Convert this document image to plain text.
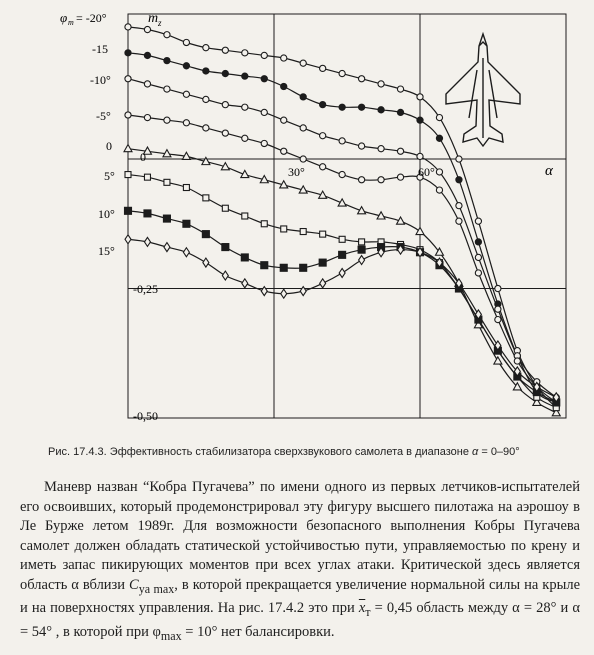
m z
φ m
α
0
30°	60°
-0,25
-0,50
= -20°
-15
-10°
-5°
0
5°
10°
15°
Рис. 17.4.3. Эффективность стабилизатора сверхзвукового самолета в диапазоне α = 0–90°

Маневр назван “Кобра Пугачева” по имени одного из первых летчиков-испытателей его освоивших, который продемонстрировал эту фигуру высшего пилотажа на аэрошоу в Ле Бурже летом 1989г. Для возможности безопасного выполнения Кобры Пугачева самолет должен обладать статической устойчивостью пути, управляемостью по крену и иметь запас пикирующих моментов при всех углах атаки. Критической здесь является область α вблизи $C_{ya max}$, в которой прекращается увеличение нормальной силы на крыле и на поверхностях управления. На рис. 17.4.2 это при $\overline{x}_т = 0,45$ область между α = 28° и α = 54° , в которой при $\varphi_{max} = 10^\circ$ нет балансировки.
